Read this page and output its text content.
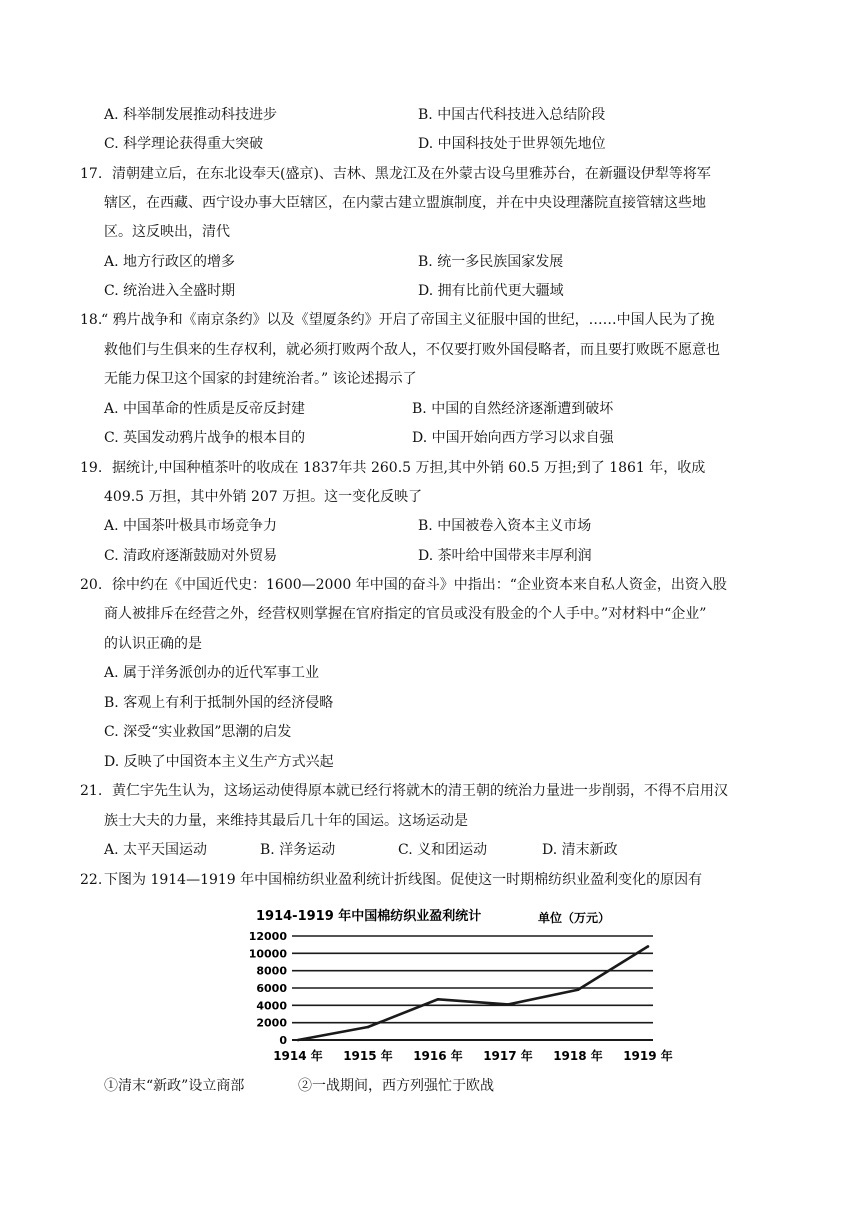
A. 科举制发展推动科技进步	B. 中国古代科技进入总结阶段
C. 科学理论获得重大突破	D. 中国科技处于世界领先地位
17. 清朝建立后，在东北设奉天(盛京)、吉林、黑龙江及在外蒙古设乌里雅苏台，在新疆设伊犁等将军
辖区，在西藏、西宁设办事大臣辖区，在内蒙古建立盟旗制度，并在中央设理藩院直接管辖这些地
区。这反映出，清代
A. 地方行政区的增多	B. 统一多民族国家发展
C. 统治进入全盛时期	D. 拥有比前代更大疆域
18.
“ 鸦片战争和《南京条约》以及《望厦条约》开启了帝国主义征服中国的世纪，……中国人民为了挽
救他们与生俱来的生存权利，就必须打败两个敌人，不仅要打败外国侵略者，而且要打败既不愿意也
无能力保卫这个国家的封建统治者。” 该论述揭示了
A. 中国革命的性质是反帝反封建	B. 中国的自然经济逐渐遭到破坏
C. 英国发动鸦片战争的根本目的	D. 中国开始向西方学习以求自强
19. 据统计,中国种植茶叶的收成在 1837年共 260.5 万担,其中外销 60.5 万担;到了 1861 年，收成
409.5 万担，其中外销 207 万担。这一变化反映了
A. 中国茶叶极具市场竞争力	B. 中国被卷入资本主义市场
C. 清政府逐渐鼓励对外贸易	D. 茶叶给中国带来丰厚利润
20. 徐中约在《中国近代史：1600—2000 年中国的奋斗》中指出：“企业资本来自私人资金，出资入股
商人被排斥在经营之外，经营权则掌握在官府指定的官员或没有股金的个人手中。”对材料中“企业”
的认识正确的是
A. 属于洋务派创办的近代军事工业
B. 客观上有利于抵制外国的经济侵略
C. 深受“实业救国”思潮的启发
D. 反映了中国资本主义生产方式兴起
21. 黄仁宇先生认为，这场运动使得原本就已经行将就木的清王朝的统治力量进一步削弱，不得不启用汉
族士大夫的力量，来维持其最后几十年的国运。这场运动是
A. 太平天国运动	B. 洋务运动	C. 义和团运动	D. 清末新政
22. 下图为 1914—1919 年中国棉纺织业盈利统计折线图。促使这一时期棉纺织业盈利变化的原因有
1914-1919 年中国棉纺织业盈利统计	单位（万元）
0
2000
4000
6000
8000
10000
12000
1914 年 1915 年 1916 年 1917 年 1918 年 1919 年
①清末“新政”设立商部	②一战期间，西方列强忙于欧战
